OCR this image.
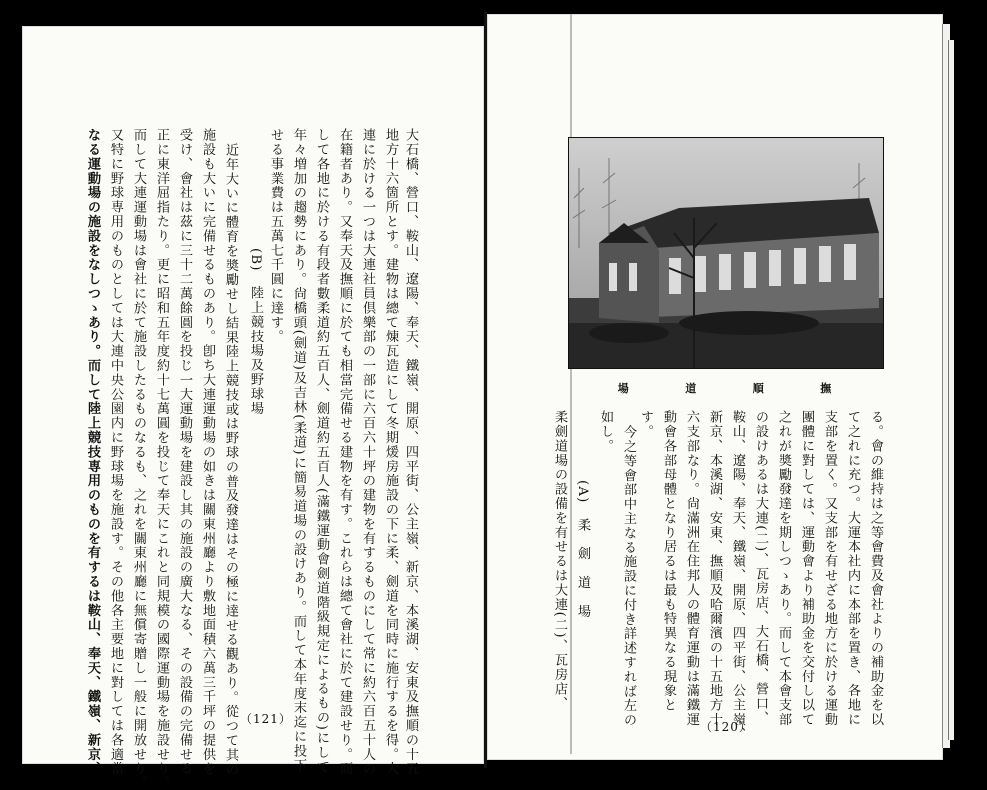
大石橋、營口、鞍山、遼陽、奉天、鐵嶺、開原、四平街、公主嶺、新京、本溪湖、安東及撫順の十五
地方十六箇所とす。建物は總て煉瓦造にして冬期煖房施設の下に柔、劍道を同時に施行するを得。大
連に於ける一つは大連社員倶樂部の一部に六百六十坪の建物を有するものにして常に約六百五十人の
在籍者あり。又奉天及撫順に於ても相當完備せる建物を有す。これらは總て會社に於て建設せり。而
して各地に於ける有段者數柔道約五百人、劍道約五百人(滿鐵運動會劍道階級規定によるもの)にして
年々増加の趨勢にあり。尙橋頭(劍道)及吉林(柔道)に簡易道場の設けあり。而して本年度末迄に投下
せる事業費は五萬七千圓に達す。
(B)　陸上競技場及野球場
近年大いに體育を奬勵せし結果陸上競技或は野球の普及發達はその極に達せる觀あり。從つて其の
施設も大いに完備せるものあり。卽ち大連運動場の如きは關東州廳より敷地面積六萬三千坪の提供を
受け、會社は茲に三十二萬餘圓を投じ一大運動場を建設し其の施設の廣大なる、その設備の完備せる
正に東洋屈指たり。更に昭和五年度約十七萬圓を投じて奉天にこれと同規模の國際運動場を施設せり。
而して大連運動場は會社に於て施設したるものなるも、之れを關東州廳に無償寄贈し一般に開放せり。
又特に野球専用のものとしては大連中央公園内に野球場を施設す。その他各主要地に對しては各適當
なる運動場の施設をなしつゝあり。而して陸上競技専用のものを有するは鞍山、奉天、鐵嶺、新京、	る。會の維持は之等會費及會社よりの補助金を以
て之れに充つ。大運本社内に本部を置き、各地に
支部を置く。又支部を有せざる地方に於ける運動
團體に對しては、運動會より補助金を交付し以て
之れが奬勵發達を期しつゝあり。而して本會支部
の設けあるは大連(二)、瓦房店、大石橋、營口、
鞍山、遼陽、奉天、鐵嶺、開原、四平街、公主嶺、
新京、本溪湖、安東、撫順及哈爾濱の十五地方十
六支部なり。尙滿洲在住邦人の體育運動は滿鐵運
動會各部母體となり居るは最も特異なる現象と
す。
今之等會部中主なる施設に付き詳述すれば左の
如し。
(A)　柔　劍　道　場
柔劍道場の設備を有せるは大連(二)、瓦房店、
場	道	順	撫
（121）
（120）
